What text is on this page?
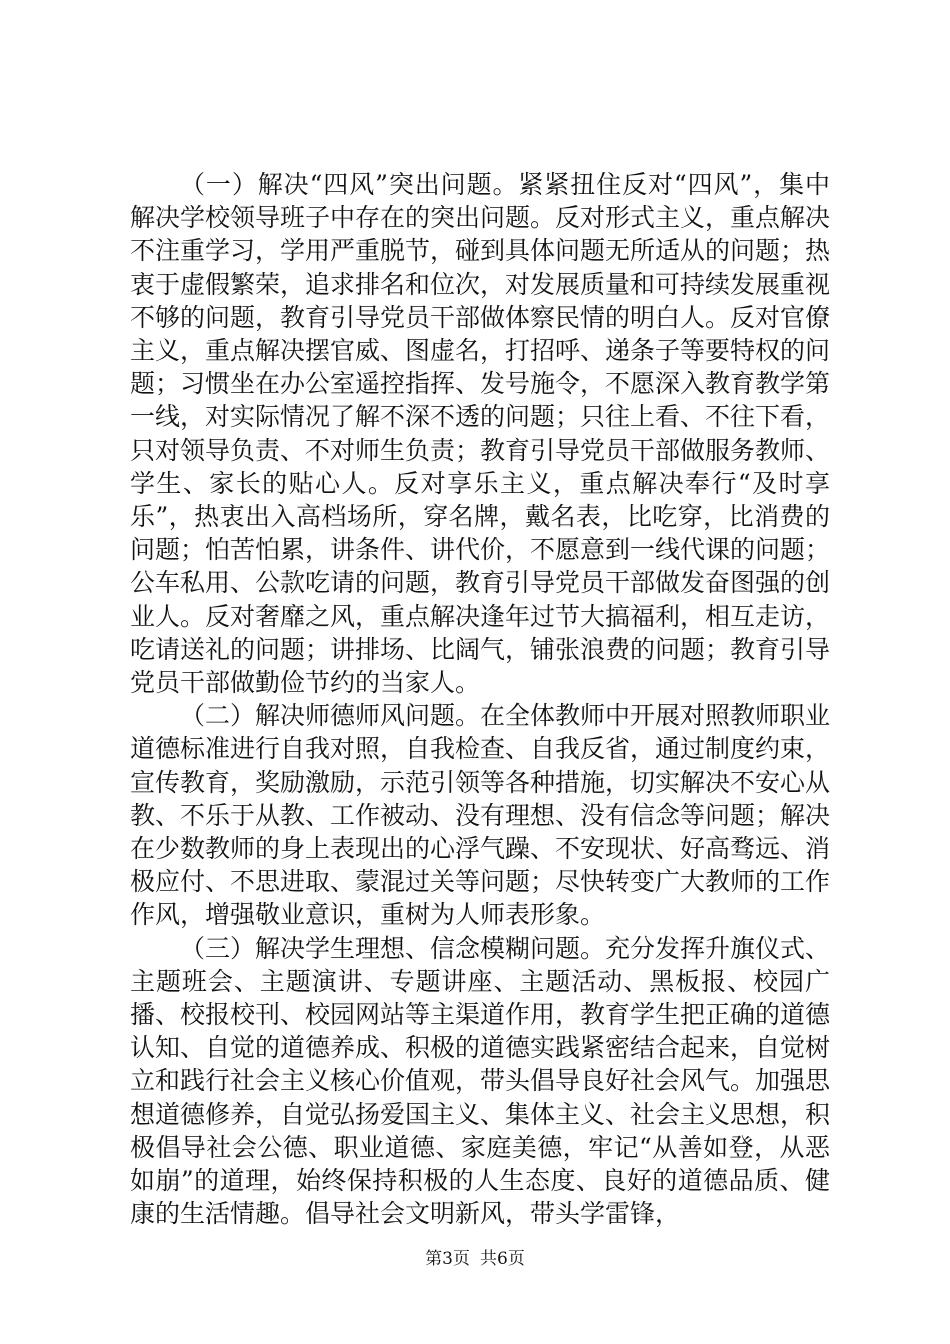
（一）解决“四风”突出问题。紧紧扭住反对“四风”，集中解决学校领导班子中存在的突出问题。反对形式主义，重点解决不注重学习，学用严重脱节，碰到具体问题无所适从的问题；热衷于虚假繁荣，追求排名和位次，对发展质量和可持续发展重视不够的问题，教育引导党员干部做体察民情的明白人。反对官僚主义，重点解决摆官威、图虚名，打招呼、递条子等要特权的问题；习惯坐在办公室遥控指挥、发号施令，不愿深入教育教学第一线，对实际情况了解不深不透的问题；只往上看、不往下看，只对领导负责、不对师生负责；教育引导党员干部做服务教师、学生、家长的贴心人。反对享乐主义，重点解决奉行“及时享乐”，热衷出入高档场所，穿名牌，戴名表，比吃穿，比消费的问题；怕苦怕累，讲条件、讲代价，不愿意到一线代课的问题；公车私用、公款吃请的问题，教育引导党员干部做发奋图强的创业人。反对奢靡之风，重点解决逢年过节大搞福利，相互走访，吃请送礼的问题；讲排场、比阔气，铺张浪费的问题；教育引导党员干部做勤俭节约的当家人。

（二）解决师德师风问题。在全体教师中开展对照教师职业道德标准进行自我对照，自我检查、自我反省，通过制度约束，宣传教育，奖励激励，示范引领等各种措施，切实解决不安心从教、不乐于从教、工作被动、没有理想、没有信念等问题；解决在少数教师的身上表现出的心浮气躁、不安现状、好高骛远、消极应付、不思进取、蒙混过关等问题；尽快转变广大教师的工作作风，增强敬业意识，重树为人师表形象。

（三）解决学生理想、信念模糊问题。充分发挥升旗仪式、主题班会、主题演讲、专题讲座、主题活动、黑板报、校园广播、校报校刊、校园网站等主渠道作用，教育学生把正确的道德认知、自觉的道德养成、积极的道德实践紧密结合起来，自觉树立和践行社会主义核心价值观，带头倡导良好社会风气。加强思想道德修养，自觉弘扬爱国主义、集体主义、社会主义思想，积极倡导社会公德、职业道德、家庭美德，牢记“从善如登，从恶如崩”的道理，始终保持积极的人生态度、良好的道德品质、健康的生活情趣。倡导社会文明新风，带头学雷锋，

第3页 共6页
